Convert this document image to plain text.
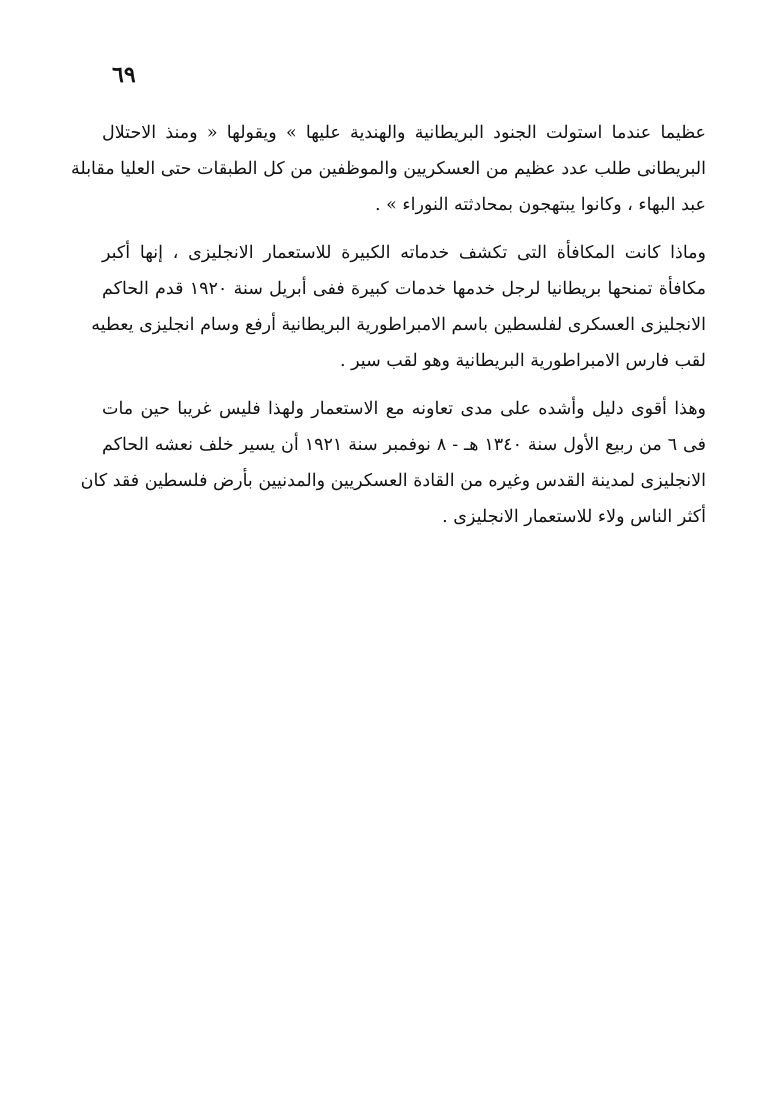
٦٩

عظيما عندما استولت الجنود البريطانية والهندية عليها » ويقولها « ومنذ الاحتلال
البريطانى طلب عدد عظيم من العسكريين والموظفين من كل الطبقات حتى العليا مقابلة
عبد البهاء ، وكانوا يبتهجون بمحادثته النوراء » .

وماذا كانت المكافأة التى تكشف خدماته الكبيرة للاستعمار الانجليزى ، إنها أكبر
مكافأة تمنحها بريطانيا لرجل خدمها خدمات كبيرة ففى أبريل سنة ١٩٢٠ قدم الحاكم
الانجليزى العسكرى لفلسطين باسم الامبراطورية البريطانية أرفع وسام انجليزى يعطيه
لقب فارس الامبراطورية البريطانية وهو لقب سير .

وهذا أقوى دليل وأشده على مدى تعاونه مع الاستعمار ولهذا فليس غريبا حين مات
فى ٦ من ربيع الأول سنة ١٣٤٠ هـ - ٨ نوفمبر سنة ١٩٢١ أن يسير خلف نعشه الحاكم
الانجليزى لمدينة القدس وغيره من القادة العسكريين والمدنيين بأرض فلسطين فقد كان
أكثر الناس ولاء للاستعمار الانجليزى .
